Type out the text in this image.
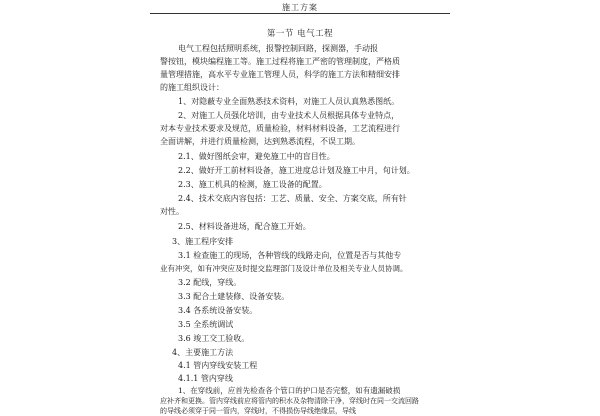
施工方案
第一节 电气工程
电气工程包括照明系统，报警控制回路，探测器，手动报
警按钮，模块编程施工等。施工过程将施工严密的管理制度，严格质
量管理措施，高水平专业施工管理人员，科学的施工方法和精细安排
的施工组织设计：
1、对隐蔽专业全面熟悉技术资料，对施工人员认真熟悉图纸。
2、对施工人员强化培训，由专业技术人员根据具体专业特点，
对本专业技术要求及规范，质量检验，材料材料设备，工艺流程进行
全面讲解，并进行质量检测，达到熟悉流程，不误工期。
2.1、做好图纸会审，避免施工中的盲目性。
2.2、做好开工前材料设备，施工进度总计划及施工中月，旬计划。
2.3、施工机具的检测，施工设备的配置。
2.4、技术交底内容包括：工艺、质量、安全、方案交底，所有针
对性。
2.5、材料设备进场，配合施工开始。
3、施工程序安排
3.1 检查施工的现场，各种管线的线路走向，位置是否与其他专
业有冲突，如有冲突应及时提交监理部门及设计单位及相关专业人员协调。
3.2 配线，穿线。
3.3 配合土建装修、设备安装。
3.4 各系统设备安装。
3.5 全系统调试
3.6 竣工交工验收。
4、主要施工方法
4.1 管内穿线安装工程
4.1.1 管内穿线
1、在穿线前，应首先检查各个管口的护口是否完整，如有遗漏破损
应补齐和更换。管内穿线前应将管内的积水及杂物清除干净，穿线时在同一交流回路
的导线必须穿于同一管内，穿线时，不得损伤导线绝缘层，导线
